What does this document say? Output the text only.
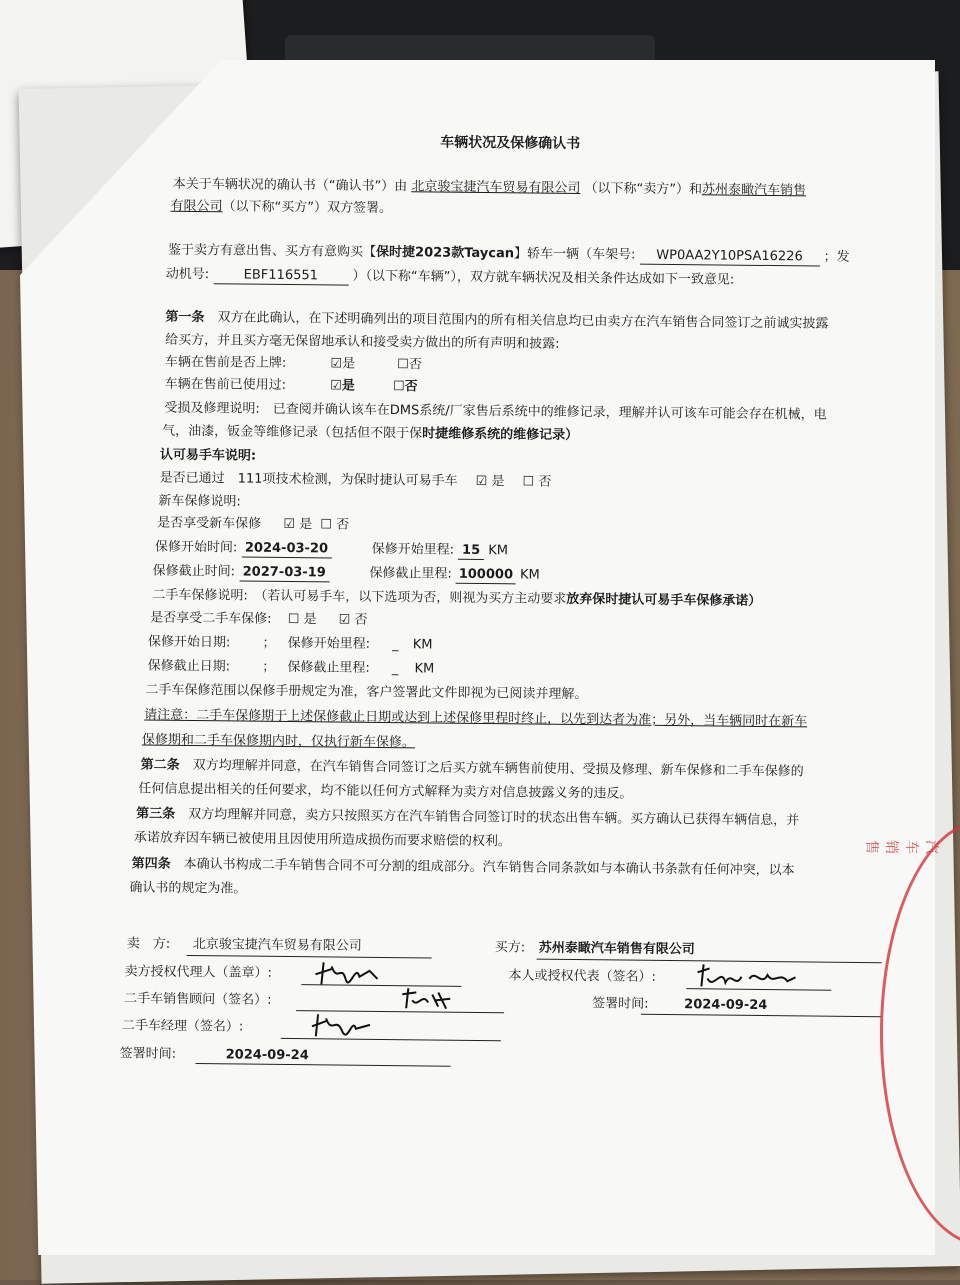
车辆状况及保修确认书
本关于车辆状况的确认书（“确认书”）由 北京骏宝捷汽车贸易有限公司 （以下称“卖方”）和苏州泰瞰汽车销售
有限公司（以下称“买方”）双方签署。
鉴于卖方有意出售、买方有意购买【保时捷2023款Taycan】轿车一辆（车架号: WP0AA2Y10PSA16226 ；发
动机号:	EBF116551	）（以下称“车辆”），双方就车辆状况及相关条件达成如下一致意见:
第一条　 双方在此确认，在下述明确列出的项目范围内的所有相关信息均已由卖方在汽车销售合同签订之前诚实披露
给买方，并且买方毫无保留地承认和接受卖方做出的所有声明和披露:
车辆在售前是否上牌:	☑是	☐否
车辆在售前已使用过:	☑是	☐否
受损及修理说明:　已查阅并确认该车在DMS系统/厂家售后系统中的维修记录，理解并认可该车可能会存在机械，电
气，油漆，钣金等维修记录（包括但不限于保时捷维修系统的维修记录）
认可易手车说明:
是否已通过　111项技术检测，为保时捷认可易手车 ☑ 是 ☐ 否
新车保修说明:
是否享受新车保修 ☑ 是 ☐ 否
保修开始时间: 2024-03-20	保修开始里程: 15 KM
保修截止时间: 2027-03-19	保修截止里程: 100000 KM
二手车保修说明:　（若认可易手车，以下选项为否，则视为买方主动要求放弃保时捷认可易手车保修承诺）
是否享受二手车保修: ☐ 是 ☑ 否
保修开始日期: ； 保修开始里程: _ KM
保修截止日期: ； 保修截止里程: _ KM
二手车保修范围以保修手册规定为准，客户签署此文件即视为已阅读并理解。
请注意：二手车保修期于上述保修截止日期或达到上述保修里程时终止，以先到达者为准；另外，当车辆同时在新车
保修期和二手车保修期内时，仅执行新车保修。
第二条　 双方均理解并同意，在汽车销售合同签订之后买方就车辆售前使用、受损及修理、新车保修和二手车保修的
任何信息提出相关的任何要求，均不能以任何方式解释为卖方对信息披露义务的违反。
第三条　 双方均理解并同意，卖方只按照买方在汽车销售合同签订时的状态出售车辆。买方确认已获得车辆信息，并
承诺放弃因车辆已被使用且因使用所造成损伤而要求赔偿的权利。
第四条　 本确认书构成二手车销售合同不可分割的组成部分。汽车销售合同条款如与本确认书条款有任何冲突，以本
确认书的规定为准。
卖　方: 北京骏宝捷汽车贸易有限公司	买方: 苏州泰瞰汽车销售有限公司
卖方授权代理人（盖章）:	本人或授权代表（签名）:
二手车销售顾问（签名）:	签署时间:	2024-09-24
二手车经理（签名）:
签署时间:	2024-09-24
汽车销售
